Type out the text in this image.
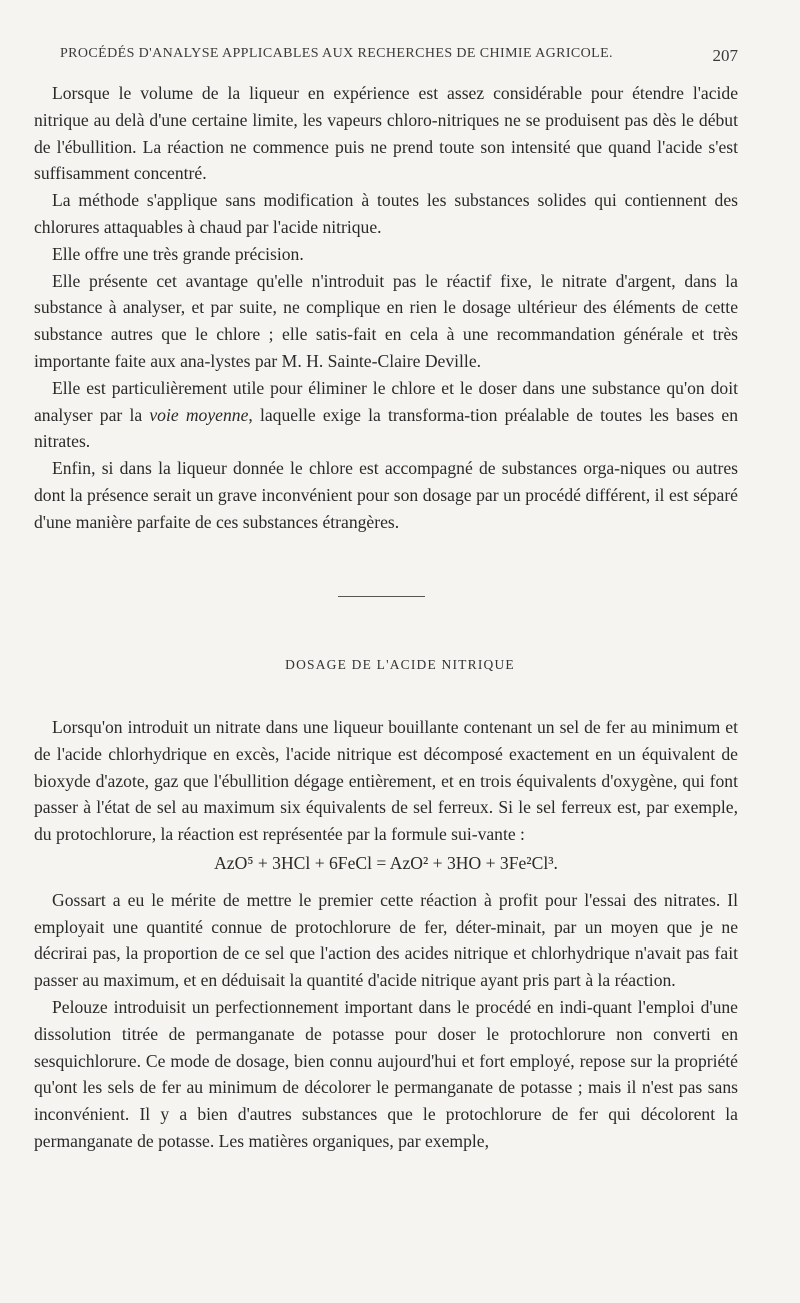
PROCÉDÉS D'ANALYSE APPLICABLES AUX RECHERCHES DE CHIMIE AGRICOLE.	207

Lorsque le volume de la liqueur en expérience est assez considérable pour étendre l'acide nitrique au delà d'une certaine limite, les vapeurs chloro-nitriques ne se produisent pas dès le début de l'ébullition. La réaction ne commence puis ne prend toute son intensité que quand l'acide s'est suffisamment concentré.

La méthode s'applique sans modification à toutes les substances solides qui contiennent des chlorures attaquables à chaud par l'acide nitrique.

Elle offre une très grande précision.

Elle présente cet avantage qu'elle n'introduit pas le réactif fixe, le nitrate d'argent, dans la substance à analyser, et par suite, ne complique en rien le dosage ultérieur des éléments de cette substance autres que le chlore ; elle satis-fait en cela à une recommandation générale et très importante faite aux ana-lystes par M. H. Sainte-Claire Deville.

Elle est particulièrement utile pour éliminer le chlore et le doser dans une substance qu'on doit analyser par la voie moyenne, laquelle exige la transforma-tion préalable de toutes les bases en nitrates.

Enfin, si dans la liqueur donnée le chlore est accompagné de substances orga-niques ou autres dont la présence serait un grave inconvénient pour son dosage par un procédé différent, il est séparé d'une manière parfaite de ces substances étrangères.

DOSAGE DE L'ACIDE NITRIQUE

Lorsqu'on introduit un nitrate dans une liqueur bouillante contenant un sel de fer au minimum et de l'acide chlorhydrique en excès, l'acide nitrique est décomposé exactement en un équivalent de bioxyde d'azote, gaz que l'ébullition dégage entièrement, et en trois équivalents d'oxygène, qui font passer à l'état de sel au maximum six équivalents de sel ferreux. Si le sel ferreux est, par exemple, du protochlorure, la réaction est représentée par la formule sui-vante :

AzO⁵ + 3HCl + 6FeCl = AzO² + 3HO + 3Fe²Cl³.

Gossart a eu le mérite de mettre le premier cette réaction à profit pour l'essai des nitrates. Il employait une quantité connue de protochlorure de fer, déter-minait, par un moyen que je ne décrirai pas, la proportion de ce sel que l'action des acides nitrique et chlorhydrique n'avait pas fait passer au maximum, et en déduisait la quantité d'acide nitrique ayant pris part à la réaction.

Pelouze introduisit un perfectionnement important dans le procédé en indi-quant l'emploi d'une dissolution titrée de permanganate de potasse pour doser le protochlorure non converti en sesquichlorure. Ce mode de dosage, bien connu aujourd'hui et fort employé, repose sur la propriété qu'ont les sels de fer au minimum de décolorer le permanganate de potasse ; mais il n'est pas sans inconvénient. Il y a bien d'autres substances que le protochlorure de fer qui décolorent la permanganate de potasse. Les matières organiques, par exemple,
